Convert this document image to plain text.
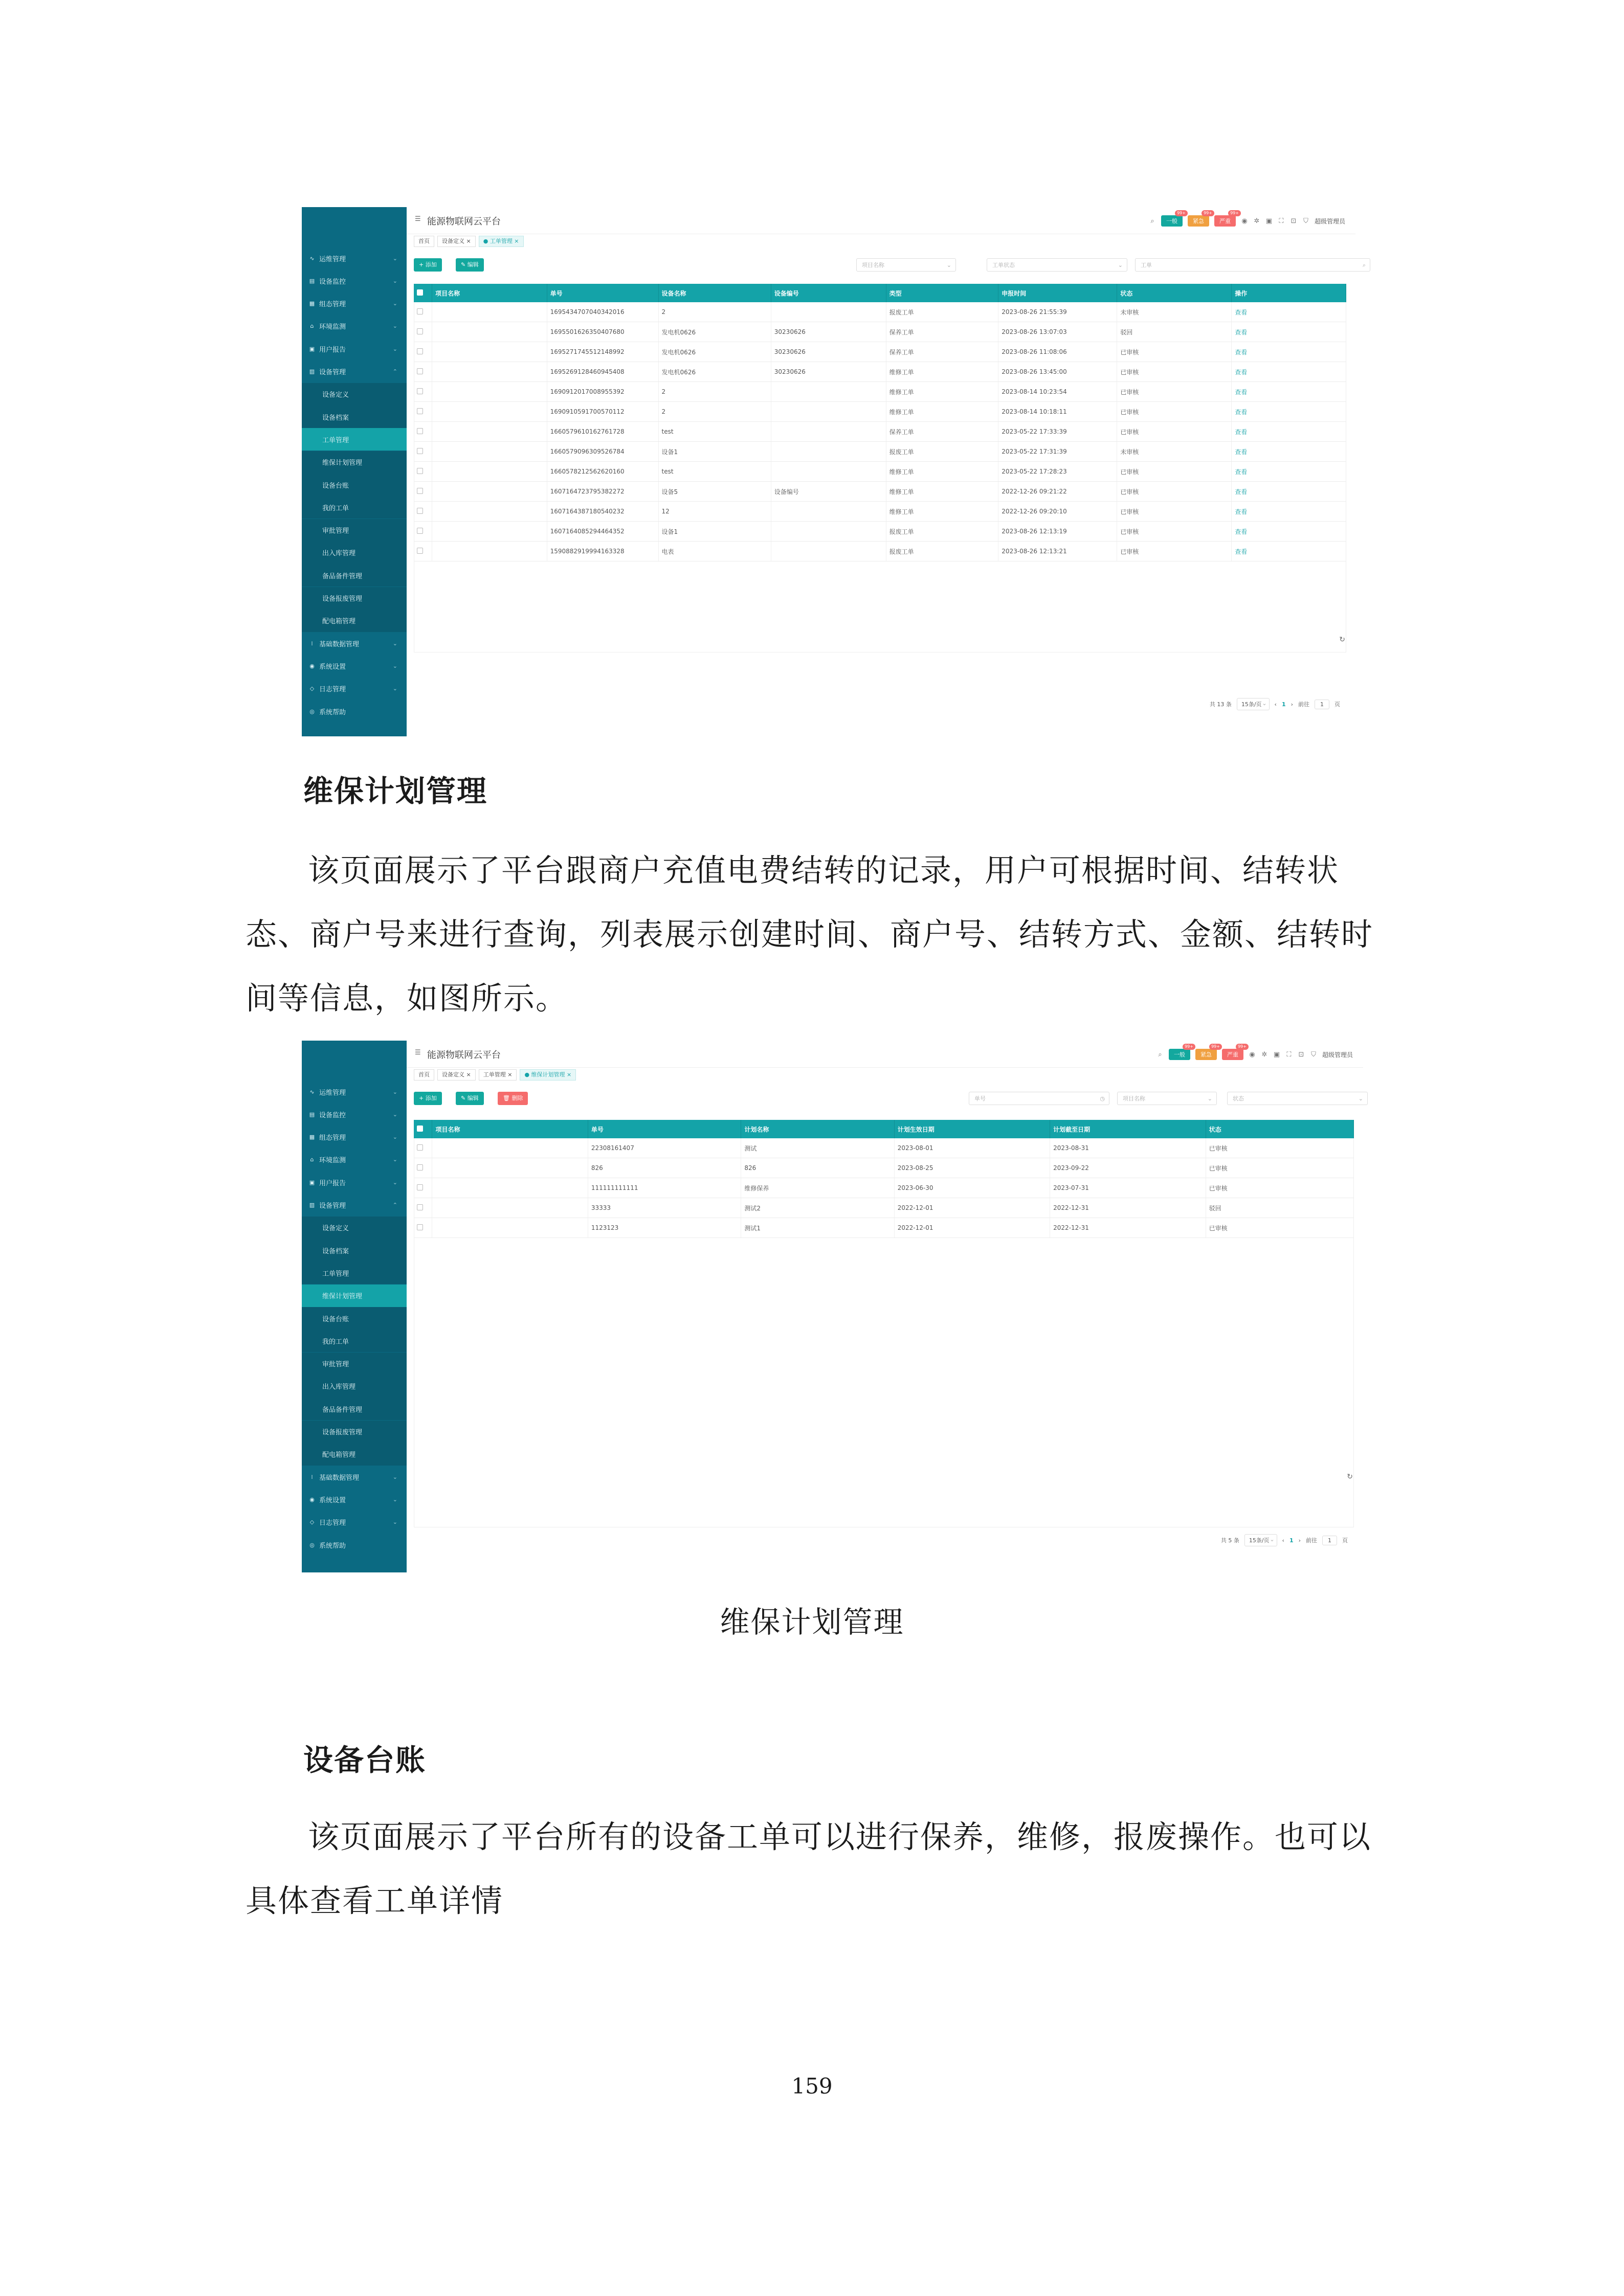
∿ 运维管理	⌄
▤ 设备监控	⌄
▦ 组态管理	⌄
⌂ 环境监测	⌄
▣ 用户报告	⌄
▥ 设备管理	⌃
设备定义
设备档案
工单管理
维保计划管理
设备台账
我的工单
审批管理
出入库管理
备品备件管理
设备报废管理
配电箱管理
⁞ 基础数据管理	⌄
◉ 系统设置	⌄
◇ 日志管理	⌄
◎ 系统帮助
☰ 能源物联网云平台	⌕	一般
99+
紧急
99+
严重
99+
◉ ✲ ▣ ⛶ ⊡ ⛉ 超级管理员
首页	设备定义 ×	● 工单管理 ×
+ 添加	✎ 编辑	项目名称	⌄	工单状态	⌄	工单	⌕
	项目名称	单号	设备名称	设备编号	类型	申报时间	状态	操作
		1695434707040342016	2		报废工单	2023-08-26 21:55:39	未审核	查看
		1695501626350407680	发电机0626	30230626	保养工单	2023-08-26 13:07:03	驳回	查看
		1695271745512148992	发电机0626	30230626	保养工单	2023-08-26 11:08:06	已审核	查看
		1695269128460945408	发电机0626	30230626	维修工单	2023-08-26 13:45:00	已审核	查看
		1690912017008955392	2		维修工单	2023-08-14 10:23:54	已审核	查看
		1690910591700570112	2		维修工单	2023-08-14 10:18:11	已审核	查看
		1660579610162761728	test		保养工单	2023-05-22 17:33:39	已审核	查看
		1660579096309526784	设备1		报废工单	2023-05-22 17:31:39	未审核	查看
		1660578212562620160	test		维修工单	2023-05-22 17:28:23	已审核	查看
		1607164723795382272	设备5	设备编号	维修工单	2022-12-26 09:21:22	已审核	查看
		1607164387180540232	12		维修工单	2022-12-26 09:20:10	已审核	查看
		1607164085294464352	设备1		报废工单	2023-08-26 12:13:19	已审核	查看
		1590882919994163328	电表		报废工单	2023-08-26 12:13:21	已审核	查看
↻
共 13 条	15条/页 ⌄ ‹ 1 › 前往	1	页
∿ 运维管理	⌄
▤ 设备监控	⌄
▦ 组态管理	⌄
⌂ 环境监测	⌄
▣ 用户报告	⌄
▥ 设备管理	⌃
设备定义
设备档案
工单管理
维保计划管理
设备台账
我的工单
审批管理
出入库管理
备品备件管理
设备报废管理
配电箱管理
⁞ 基础数据管理	⌄
◉ 系统设置	⌄
◇ 日志管理	⌄
◎ 系统帮助
☰ 能源物联网云平台	⌕	一般
99+
紧急
99+
严重
99+
◉ ✲ ▣ ⛶ ⊡ ⛉ 超级管理员
首页	设备定义 ×	工单管理 ×	● 维保计划管理 ×
+ 添加	✎ 编辑	🗑 删除	单号	◷	项目名称	⌄	状态	⌄
	项目名称	单号	计划名称	计划生效日期	计划截至日期	状态
		22308161407	测试	2023-08-01	2023-08-31	已审核
		826	826	2023-08-25	2023-09-22	已审核
		111111111111	维修保养	2023-06-30	2023-07-31	已审核
		33333	测试2	2022-12-01	2022-12-31	驳回
		1123123	测试1	2022-12-01	2022-12-31	已审核
↻
共 5 条	15条/页 ⌄ ‹ 1 › 前往	1	页
维保计划管理

该页面展示了平台跟商户充值电费结转的记录，用户可根据时间、结转状态、商户号来进行查询，列表展示创建时间、商户号、结转方式、金额、结转时间等信息，如图所示。

维保计划管理
设备台账

该页面展示了平台所有的设备工单可以进行保养，维修，报废操作。也可以具体查看工单详情

159
